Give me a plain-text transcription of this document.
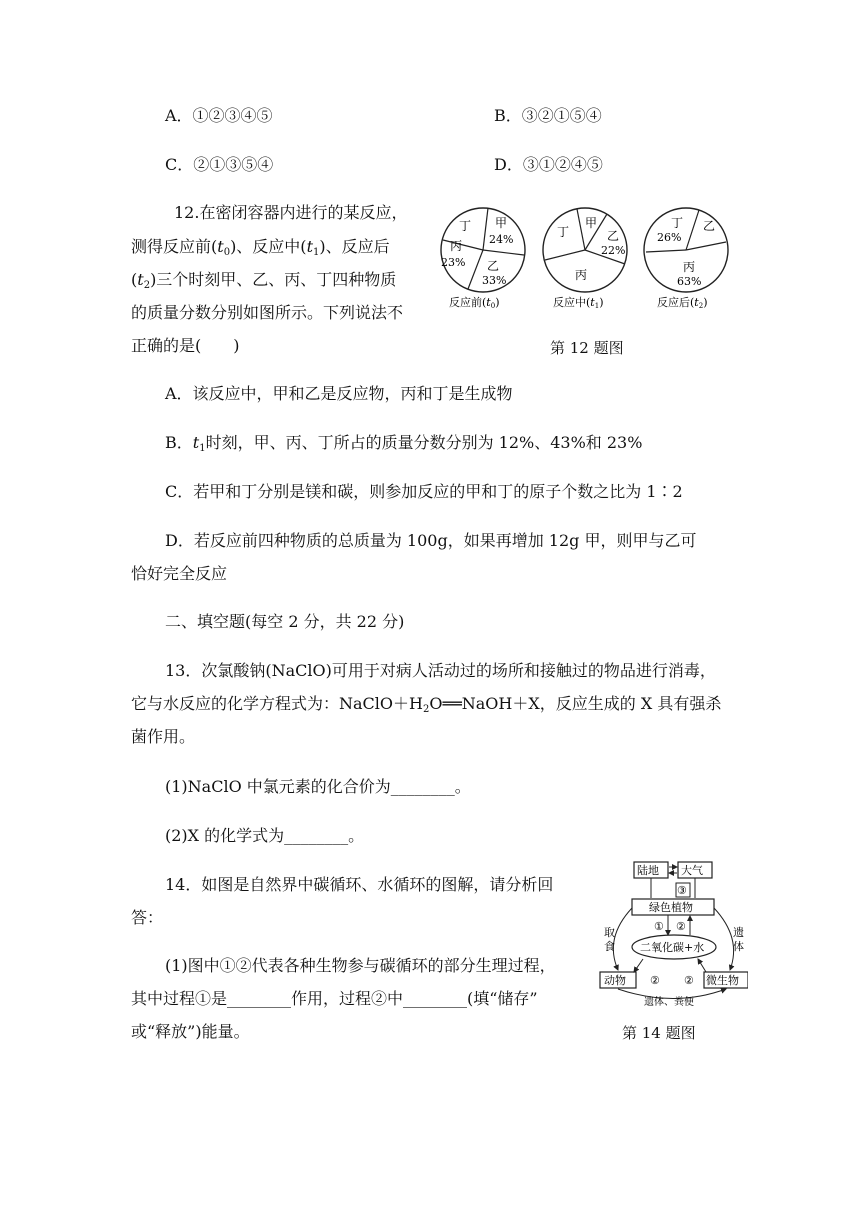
A．①②③④⑤	B．③②①⑤④
C．②①③⑤④	D．③①②④⑤
12.在密闭容器内进行的某反应，
测得反应前$(t_0)$、反应中$(t_1)$、反应后
$(t_2)$三个时刻甲、乙、丙、丁四种物质
的质量分数分别如图所示。下列说法不
正确的是(　　)
丁 甲
24%
丙
23% 乙
33%
反应前(t0)
丁
甲
乙
22%
丙
反应中(t1)
丁
26%
乙
丙
63%
反应后(t2)
第 12 题图
A．该反应中，甲和乙是反应物，丙和丁是生成物
B．$t_1$时刻，甲、丙、丁所占的质量分数分别为 12%、43%和 23%
C．若甲和丁分别是镁和碳，则参加反应的甲和丁的原子个数之比为 1∶2
D．若反应前四种物质的总质量为 100g，如果再增加 12g 甲，则甲与乙可
恰好完全反应
二、填空题(每空 2 分，共 22 分)
13．次氯酸钠(NaClO)可用于对病人活动过的场所和接触过的物品进行消毒，
它与水反应的化学方程式为：$NaClO+H_2O══NaOH+X$，反应生成的 X 具有强杀
菌作用。
(1)NaClO 中氯元素的化合价为________。
(2)X 的化学式为________。
14．如图是自然界中碳循环、水循环的图解，请分析回
答：
(1)图中①②代表各种生物参与碳循环的部分生理过程，
其中过程①是________作用，过程②中________(填“储存”
或“释放”)能量。
陆地 大气
③
绿色植物
① ②
二氧化碳+水
取
食
遗
体
动物	微生物
② ②
遗体、粪便
第 14 题图
